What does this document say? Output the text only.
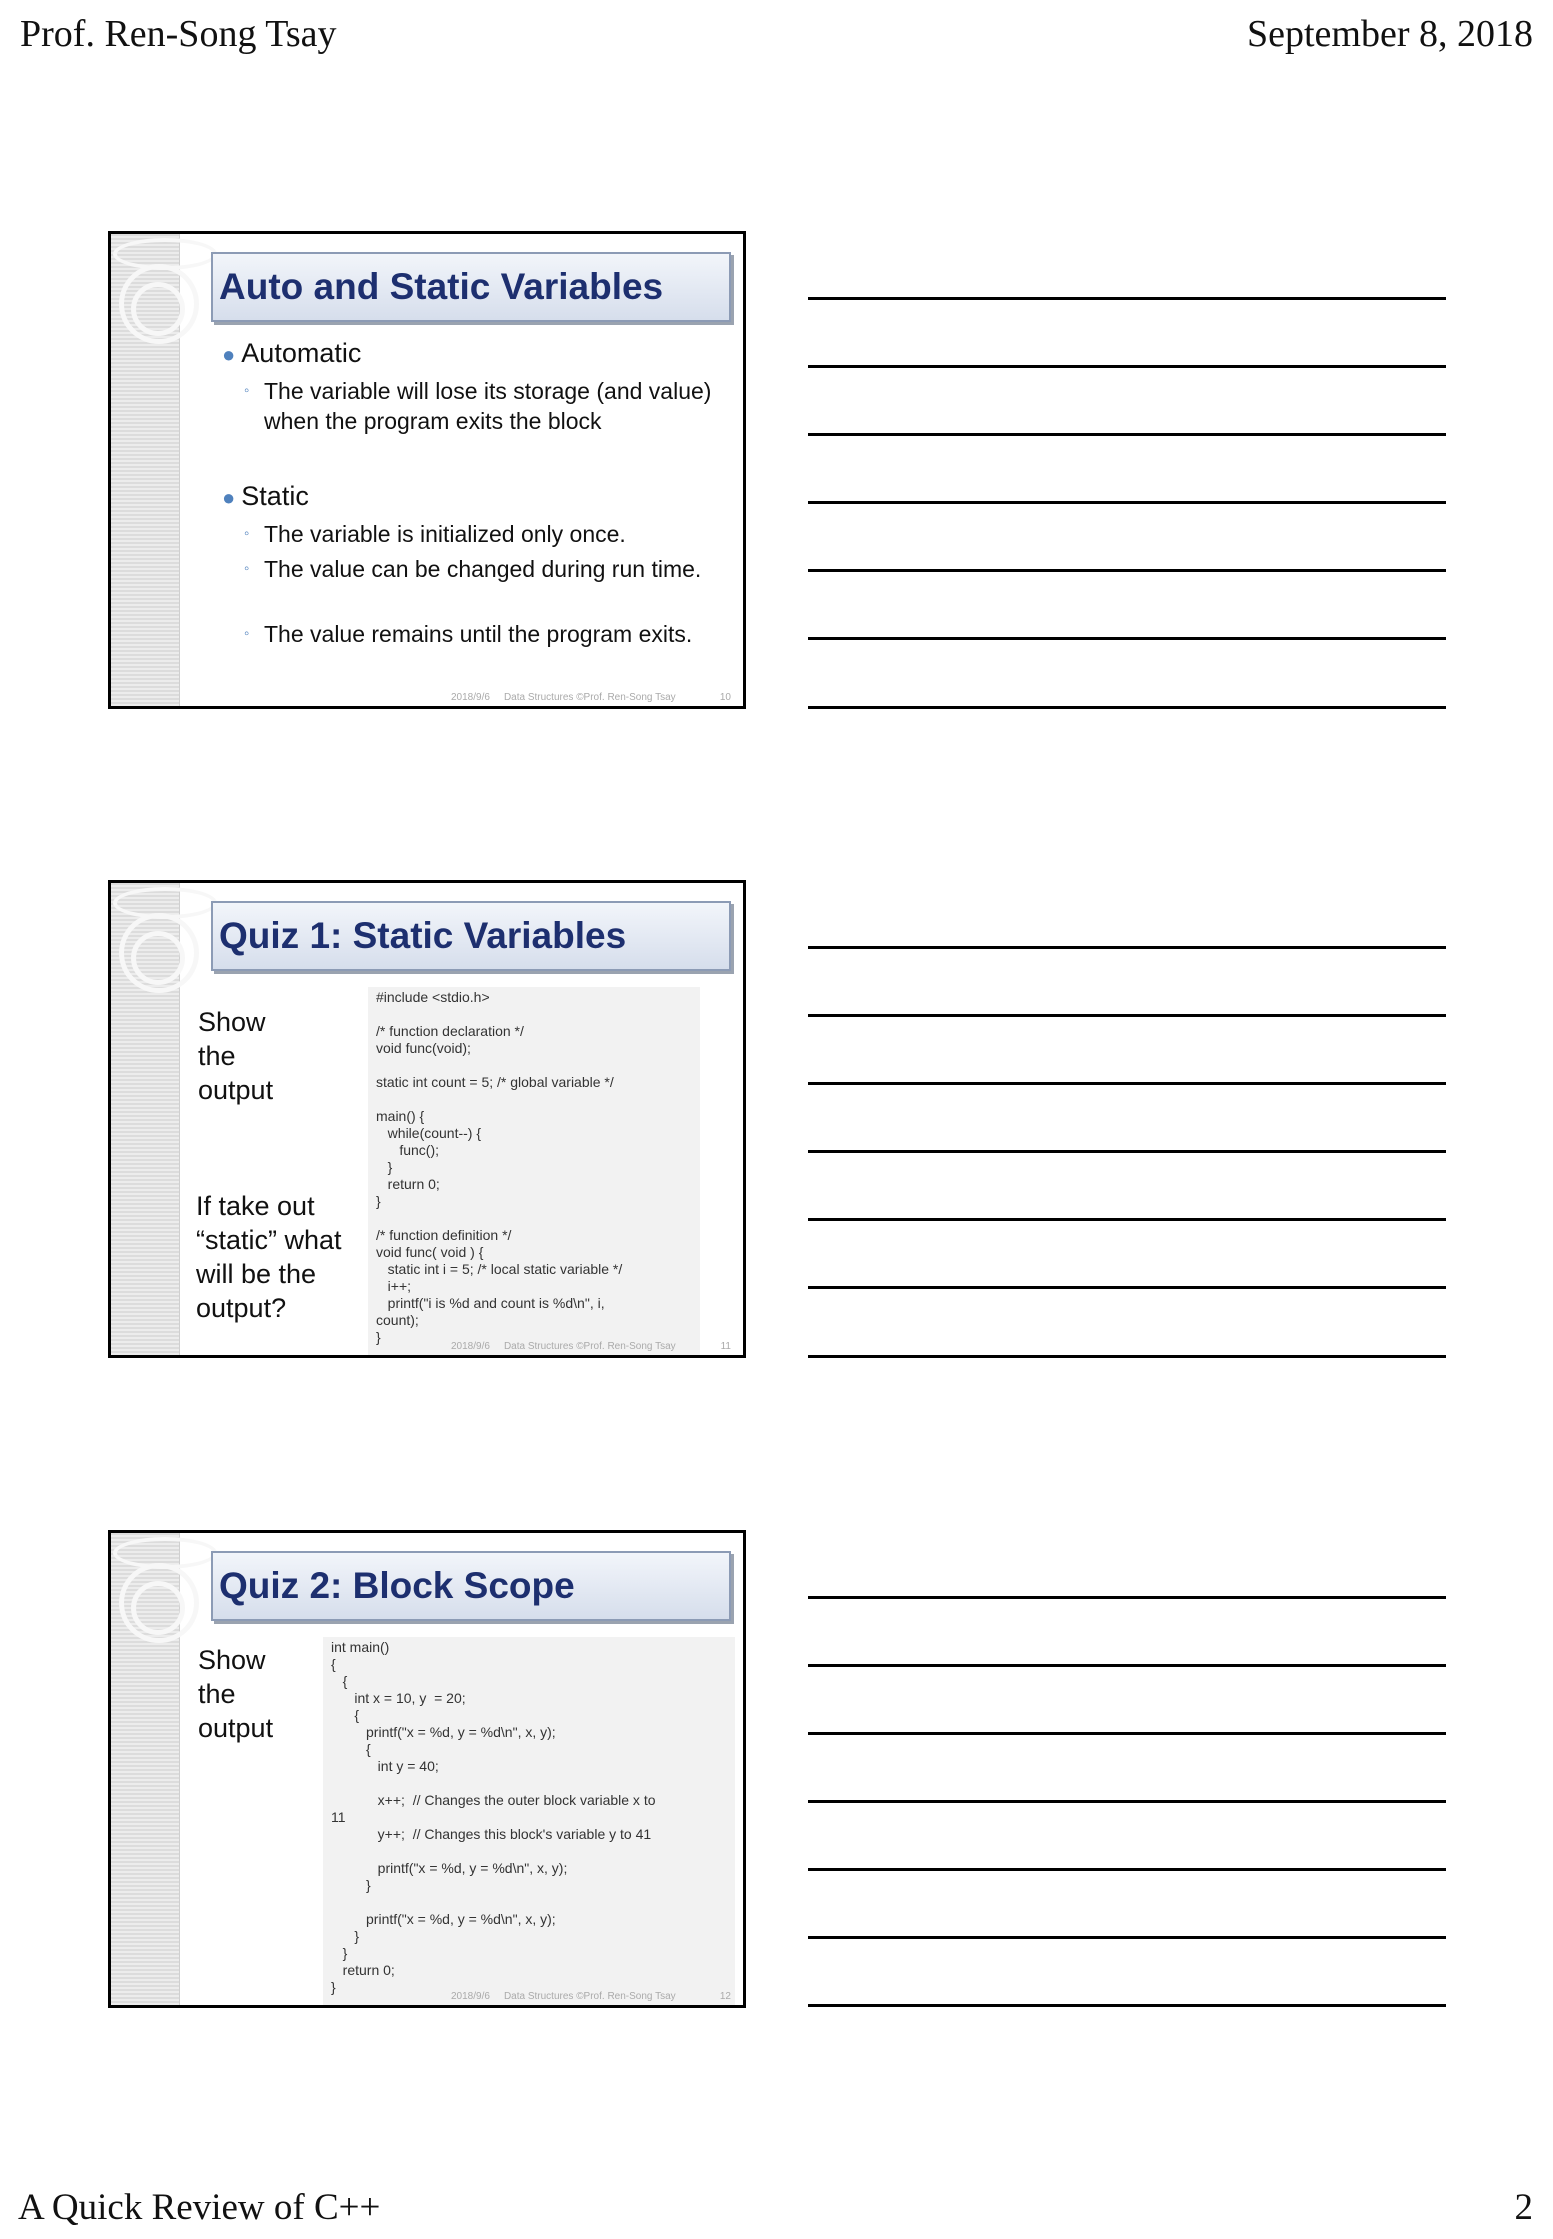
Prof. Ren-Song Tsay	September 8, 2018
A Quick Review of C++	2
Auto and Static Variables
● Automatic
◦ The variable will lose its storage (and value) when the program exits the block
● Static
◦ The variable is initialized only once.
◦ The value can be changed during run time.
◦ The value remains until the program exits.
2018/9/6 Data Structures ©Prof. Ren-Song Tsay	10
Quiz 1: Static Variables
Show
the
output
If take out
“static” what
will be the
output?
#include <stdio.h>

/* function declaration */
void func(void);

static int count = 5; /* global variable */

main() {
while(count--) {
func();
}
return 0;
}

/* function definition */
void func( void ) {
static int i = 5; /* local static variable */
i++;
printf("i is %d and count is %d\n", i,
count);
}
2018/9/6 Data Structures ©Prof. Ren-Song Tsay	11
Quiz 2: Block Scope
Show
the
output
int main()
{
{
int x = 10, y  = 20;
{
printf("x = %d, y = %d\n", x, y);
{
int y = 40;

x++;  // Changes the outer block variable x to
11
y++;  // Changes this block's variable y to 41

printf("x = %d, y = %d\n", x, y);
}

printf("x = %d, y = %d\n", x, y);
}
}
return 0;
}
2018/9/6 Data Structures ©Prof. Ren-Song Tsay	12
